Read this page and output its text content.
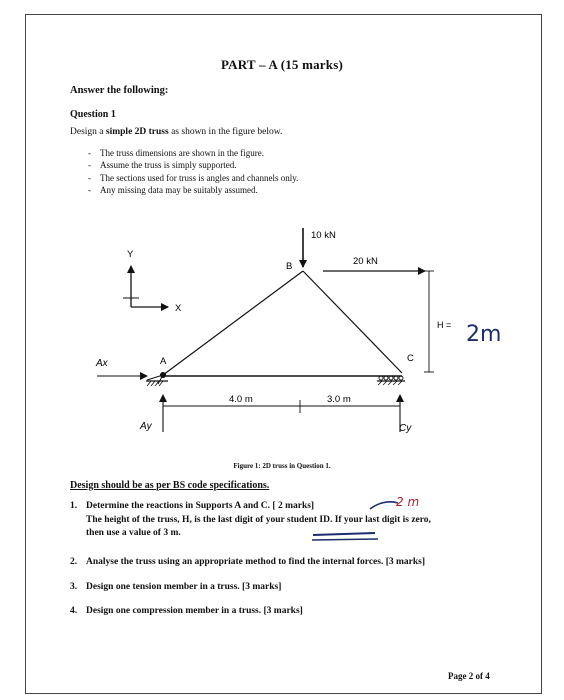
PART – A (15 marks)
Answer the following:
Question 1
Design a simple 2D truss as shown in the figure below.
- The truss dimensions are shown in the figure.
- Assume the truss is simply supported.
- The sections used for truss is angles and channels only.
- Any missing data may be suitably assumed.
10 kN
20 kN
B
A	C
Y
X
Ax
Ay	Cy
4.0 m	3.0 m
H = 2m
Figure 1: 2D truss in Question 1.
Design should be as per BS code specifications.
1. Determine the reactions in Supports A and C. [ 2 marks]
The height of the truss, H, is the last digit of your student ID. If your last digit is zero,
then use a value of 3 m.
2. Analyse the truss using an appropriate method to find the internal forces. [3 marks]
3. Design one tension member in a truss. [3 marks]
4. Design one compression member in a truss. [3 marks]
2 m
Page 2 of 4
